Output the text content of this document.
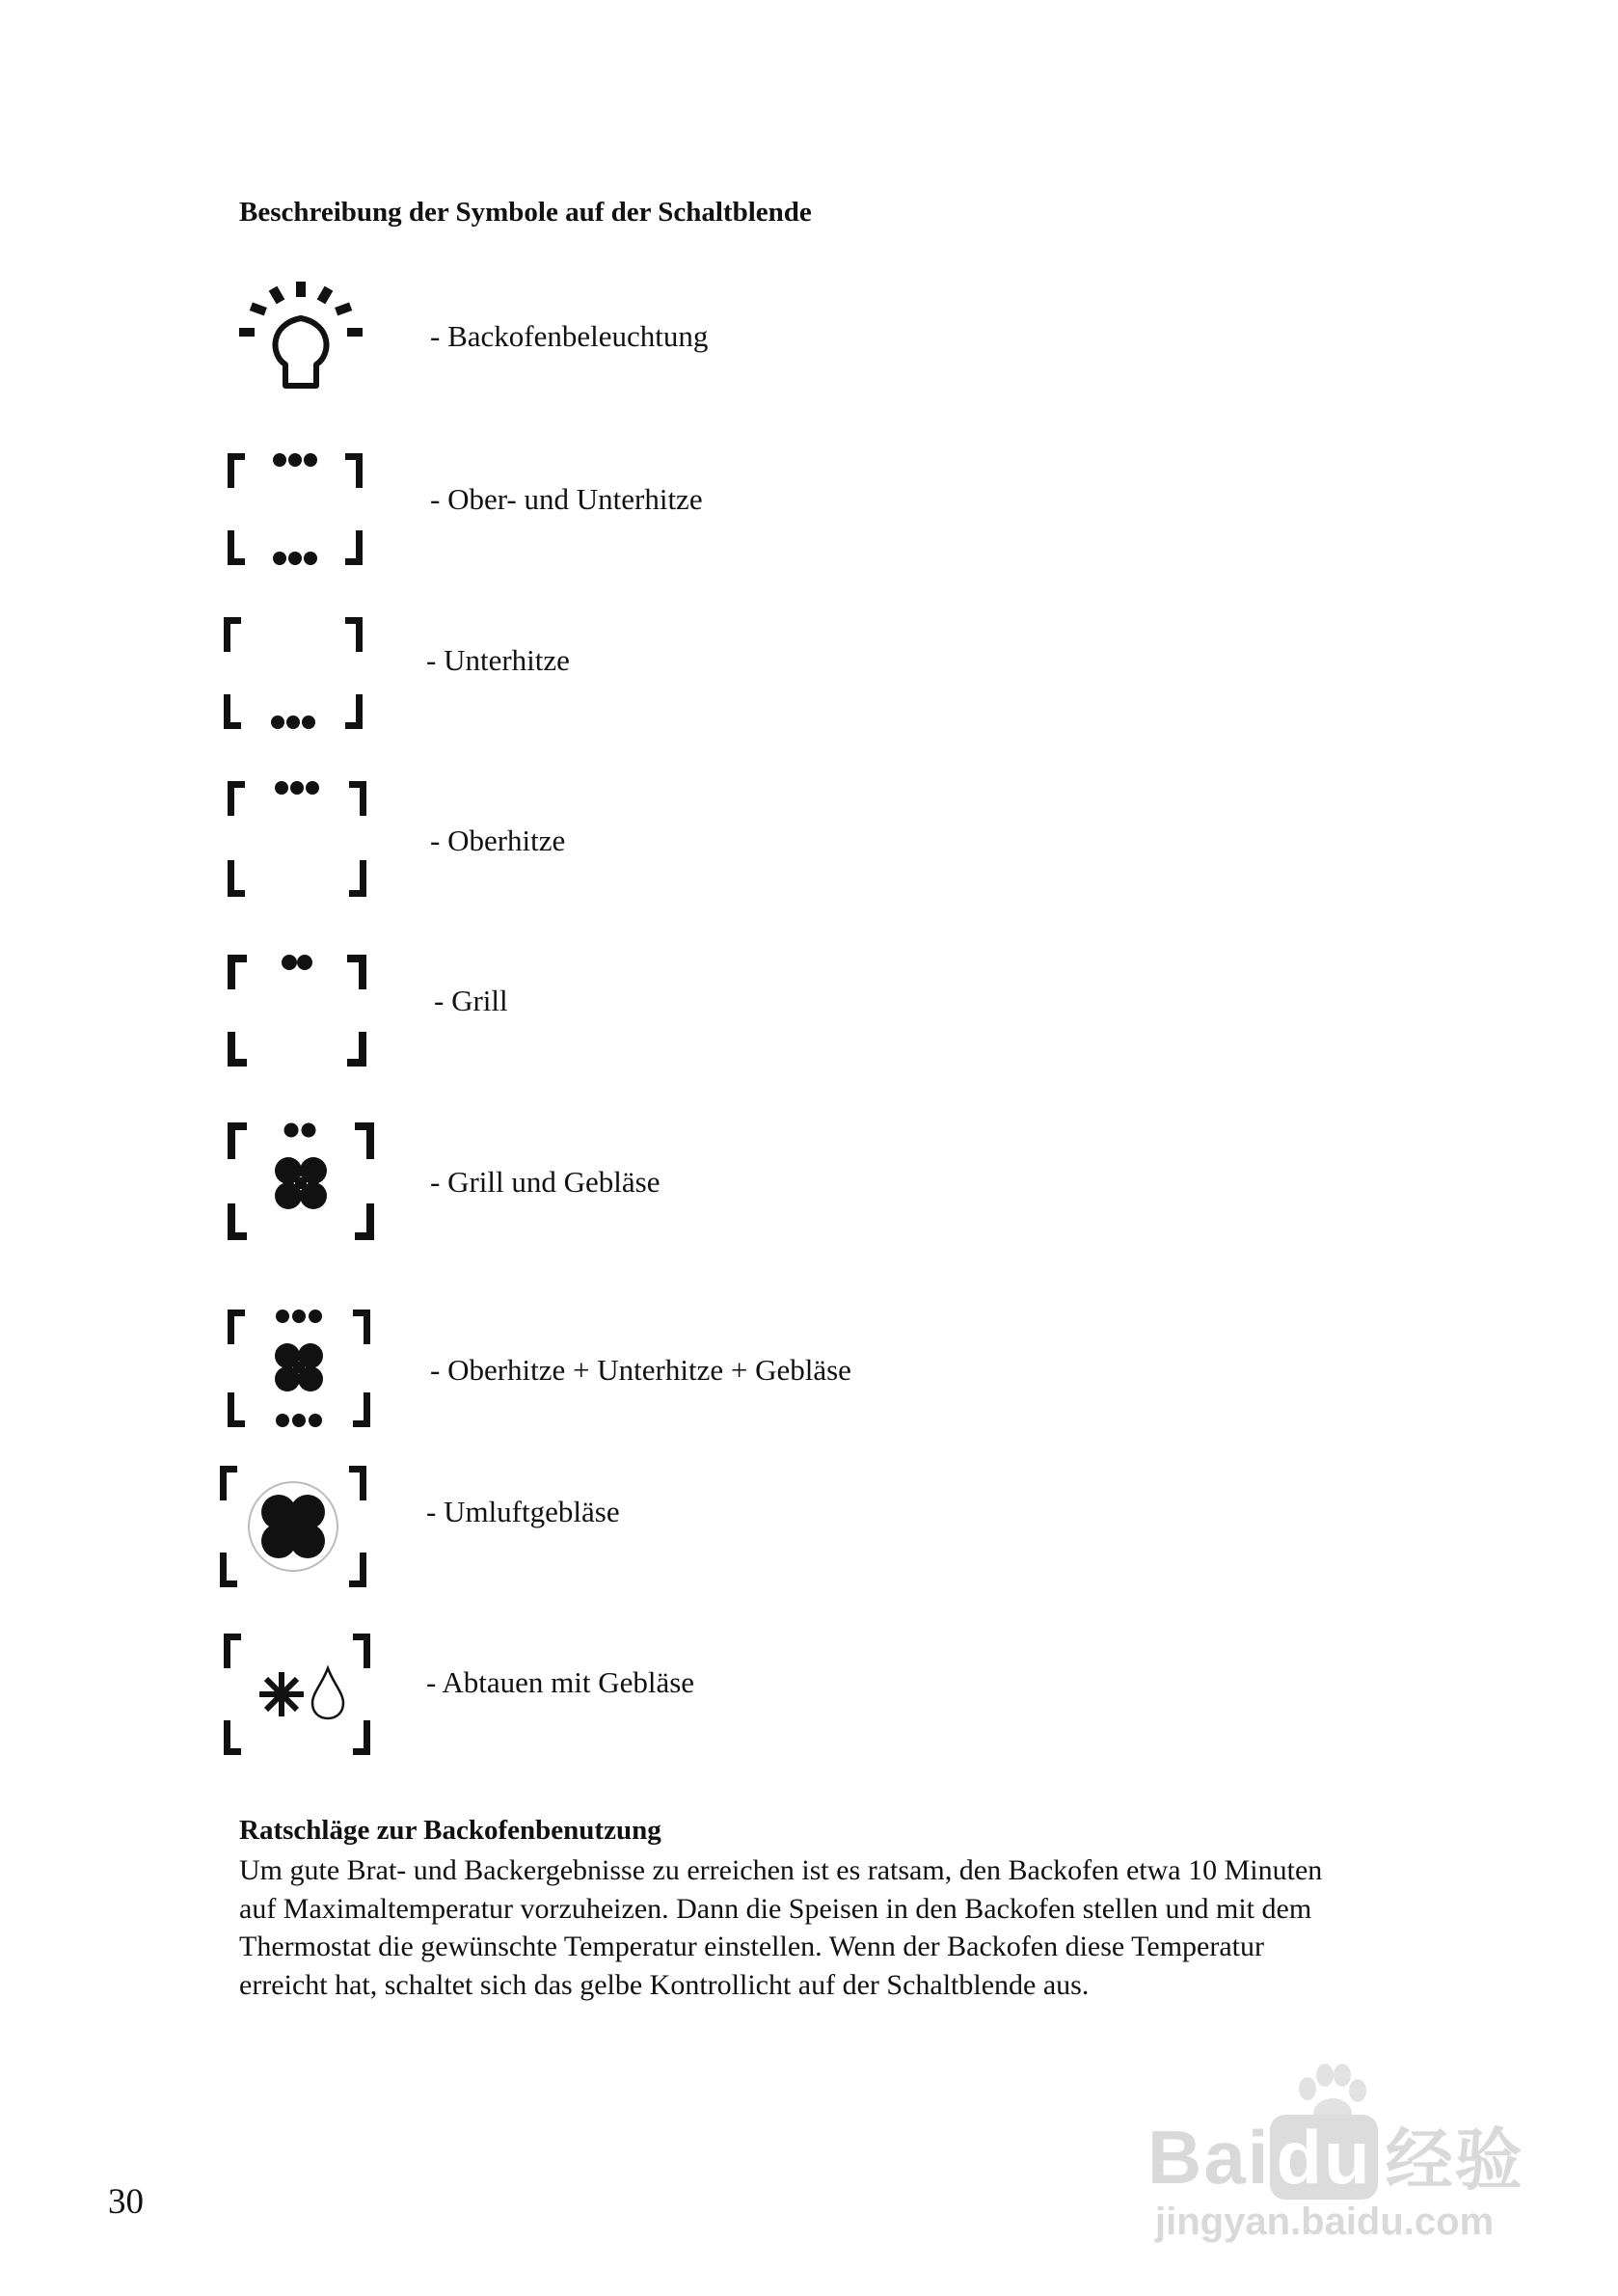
Beschreibung der Symbole auf der Schaltblende
- Backofenbeleuchtung
- Ober- und Unterhitze
- Unterhitze
- Oberhitze
- Grill
- Grill und Gebläse
- Oberhitze + Unterhitze + Gebläse
- Umluftgebläse
- Abtauen mit Gebläse
Ratschläge zur Backofenbenutzung
Um gute Brat- und Backergebnisse zu erreichen ist es ratsam, den Backofen etwa 10 Minuten
auf Maximaltemperatur vorzuheizen. Dann die Speisen in den Backofen stellen und mit dem
Thermostat die gewünschte Temperatur einstellen. Wenn der Backofen diese Temperatur
erreicht hat, schaltet sich das gelbe Kontrollicht auf der Schaltblende aus.
30
Baidu 经验
jingyan.baidu.com
